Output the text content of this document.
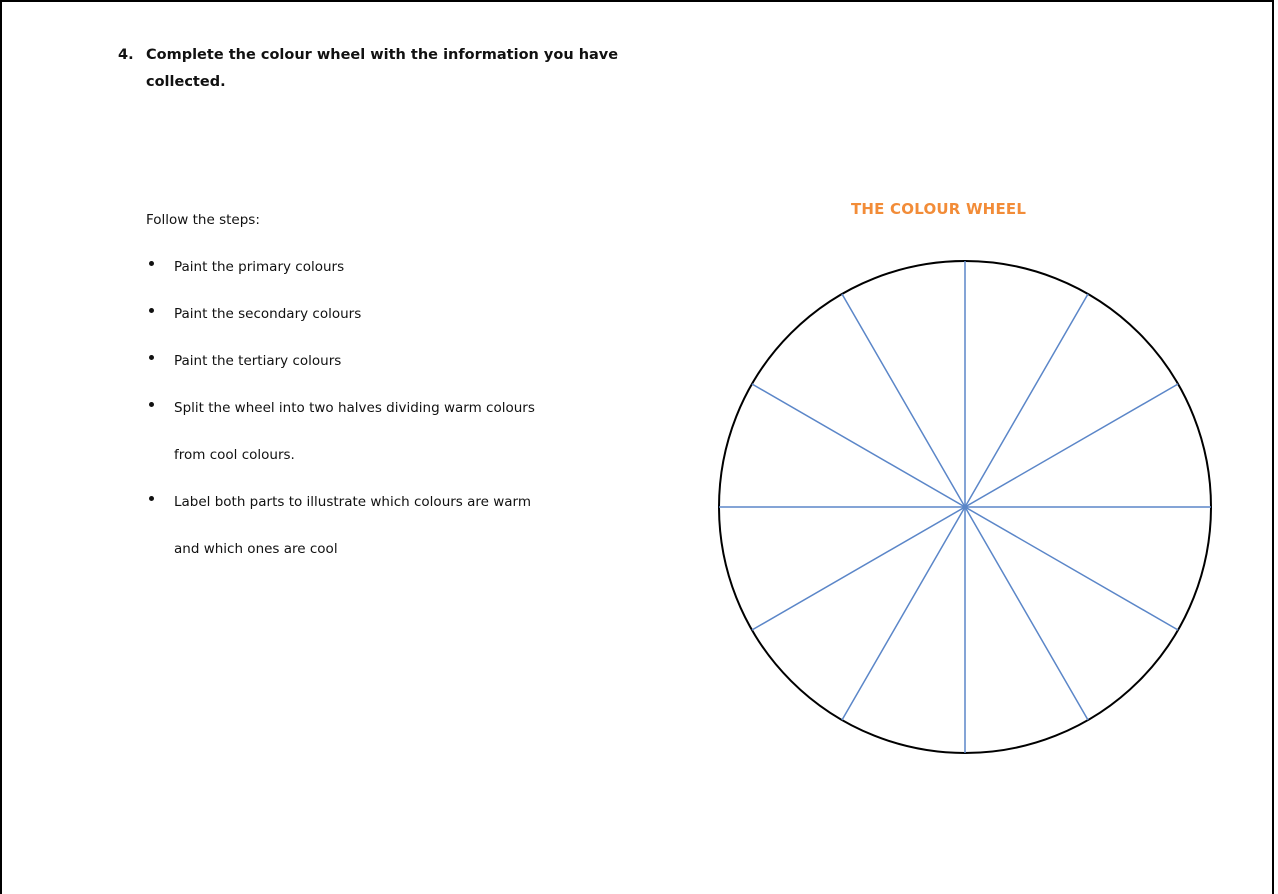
4. Complete the colour wheel with the information you have collected.
Follow the steps:
Paint the primary colours
Paint the secondary colours
Paint the tertiary colours
Split the wheel into two halves dividing warm colours
from cool colours.
Label both parts to illustrate which colours are warm
and which ones are cool
THE COLOUR WHEEL
